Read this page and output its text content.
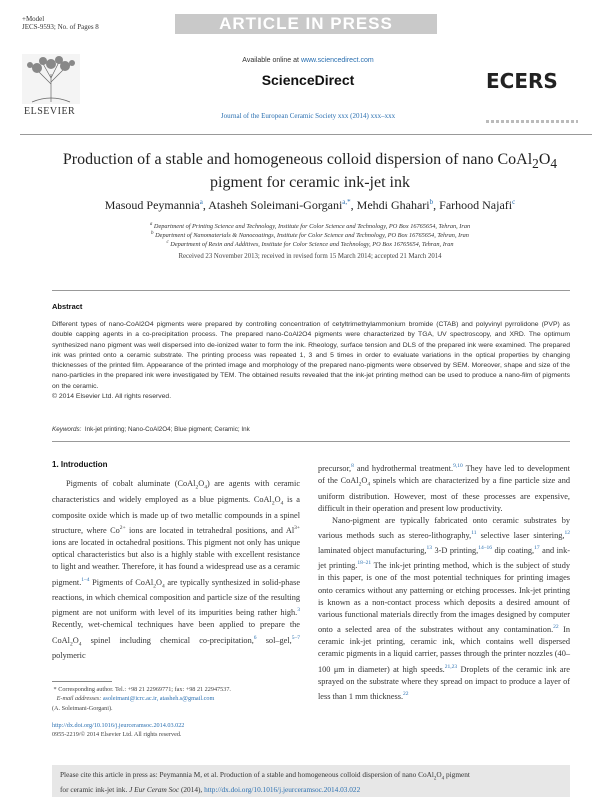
+Model
JECS-9593; No. of Pages 8	ARTICLE IN PRESS
ELSEVIER
Available online at www.sciencedirect.com
ScienceDirect
Journal of the European Ceramic Society xxx (2014) xxx–xxx
ECERS
Production of a stable and homogeneous colloid dispersion of nano $CoAl_2O_4$
pigment for ceramic ink-jet ink
Masoud Peymannia$^a$, Atasheh Soleimani-Gorgani$^{a,*}$, Mehdi Ghahari$^b$, Farhood Najafi$^c$
$^a$ Department of Printing Science and Technology, Institute for Color Science and Technology, PO Box 16765654, Tehran, Iran
$^b$ Department of Nanomaterials & Nanocoatings, Institute for Color Science and Technology, PO Box 16765654, Tehran, Iran
$^c$ Department of Resin and Additives, Institute for Color Science and Technology, PO Box 16765654, Tehran, Iran
Received 23 November 2013; received in revised form 15 March 2014; accepted 21 March 2014
Abstract
Different types of nano-CoAl2O4 pigments were prepared by controlling concentration of cetyltrimethylammonium bromide (CTAB) and polyvinyl pyrrolidone (PVP) as double capping agents in a co-precipitation process. The prepared nano-CoAl2O4 pigments were characterized by TGA, UV spectroscopy, and XRD. The optimum synthesized nano pigment was well dispersed into de-ionized water to form the ink. Rheology, surface tension and DLS of the prepared ink were examined. The prepared ink was printed onto a ceramic substrate. The printing process was repeated 1, 3 and 5 times in order to evaluate variations in the optical properties by changing thicknesses of the printed film. Appearance of the printed image and morphology of the prepared nano-pigments were observed by SEM. Moreover, shape and size of the nano-particles in the prepared ink were investigated by TEM. The obtained results revealed that the ink-jet printing method can be used to produce a nano-film of pigments on the ceramic.
© 2014 Elsevier Ltd. All rights reserved.
Keywords: Ink-jet printing; Nano-CoAl2O4; Blue pigment; Ceramic; Ink
1. Introduction

Pigments of cobalt aluminate $(CoAl_2O_4)$ are agents with ceramic characteristics and widely employed as a blue pigments. $CoAl_2O_4$ is a composite oxide which is made up of two metallic compounds in a spinel structure, where $Co^{2+}$ ions are located in tetrahedral positions, and $Al^{3+}$ ions are located in octahedral positions. This pigment not only has unique optical characteristics but also is a highly stable with excellent resistance to light and weather. Therefore, it has found a widespread use as a ceramic pigment.$^{1-4}$ Pigments of $CoAl_2O_4$ are typically synthesized in solid-phase reactions, in which chemical composition and particle size of the resulting pigment are not uniform with level of its impurities being rather high.$^3$ Recently, wet-chemical techniques have been applied to prepare the $CoAl_2O_4$ spinel including chemical co-precipitation,$^6$ sol–gel,$^{5-7}$ polymeric

precursor,$^8$ and hydrothermal treatment.$^{9,10}$ They have led to development of the $CoAl_2O_4$ spinels which are characterized by a fine particle size and uniform distribution. However, most of these processes are expensive, difficult in their operation and present low productivity.

Nano-pigment are typically fabricated onto ceramic substrates by various methods such as stereo-lithography,$^{11}$ selective laser sintering,$^{12}$ laminated object manufacturing,$^{13}$ 3-D printing,$^{14-16}$ dip coating,$^{17}$ and ink-jet printing.$^{18-21}$ The ink-jet printing method, which is the subject of study in this paper, is one of the most potential techniques for printing images onto ceramics without any patterning or etching processes. Ink-jet printing is known as a non-contact process which deposits a desired amount of various functional materials directly from the images designed by computer onto a selected area of the substrates without any contamination.$^{22}$ In ceramic ink-jet printing, ceramic ink, which contains well dispersed ceramic pigments in a liquid carrier, passes through the printer nozzles (40–100 μm in diameter) at high speeds.$^{21,23}$ Droplets of the ceramic ink are sprayed on the substrate where they spread on impact to produce a layer of less than 1 mm thickness.$^{22}$

* Corresponding author. Tel.: +98 21 22969771; fax: +98 21 22947537.
E-mail addresses: asoleimani@icrc.ac.ir, atasheh.s@gmail.com
(A. Soleimani-Gorgani).
http://dx.doi.org/10.1016/j.jeurceramsoc.2014.03.022
0955-2219/© 2014 Elsevier Ltd. All rights reserved.
Please cite this article in press as: Peymannia M, et al. Production of a stable and homogeneous colloid dispersion of nano $CoAl_2O_4$ pigment
for ceramic ink-jet ink. J Eur Ceram Soc (2014), http://dx.doi.org/10.1016/j.jeurceramsoc.2014.03.022
